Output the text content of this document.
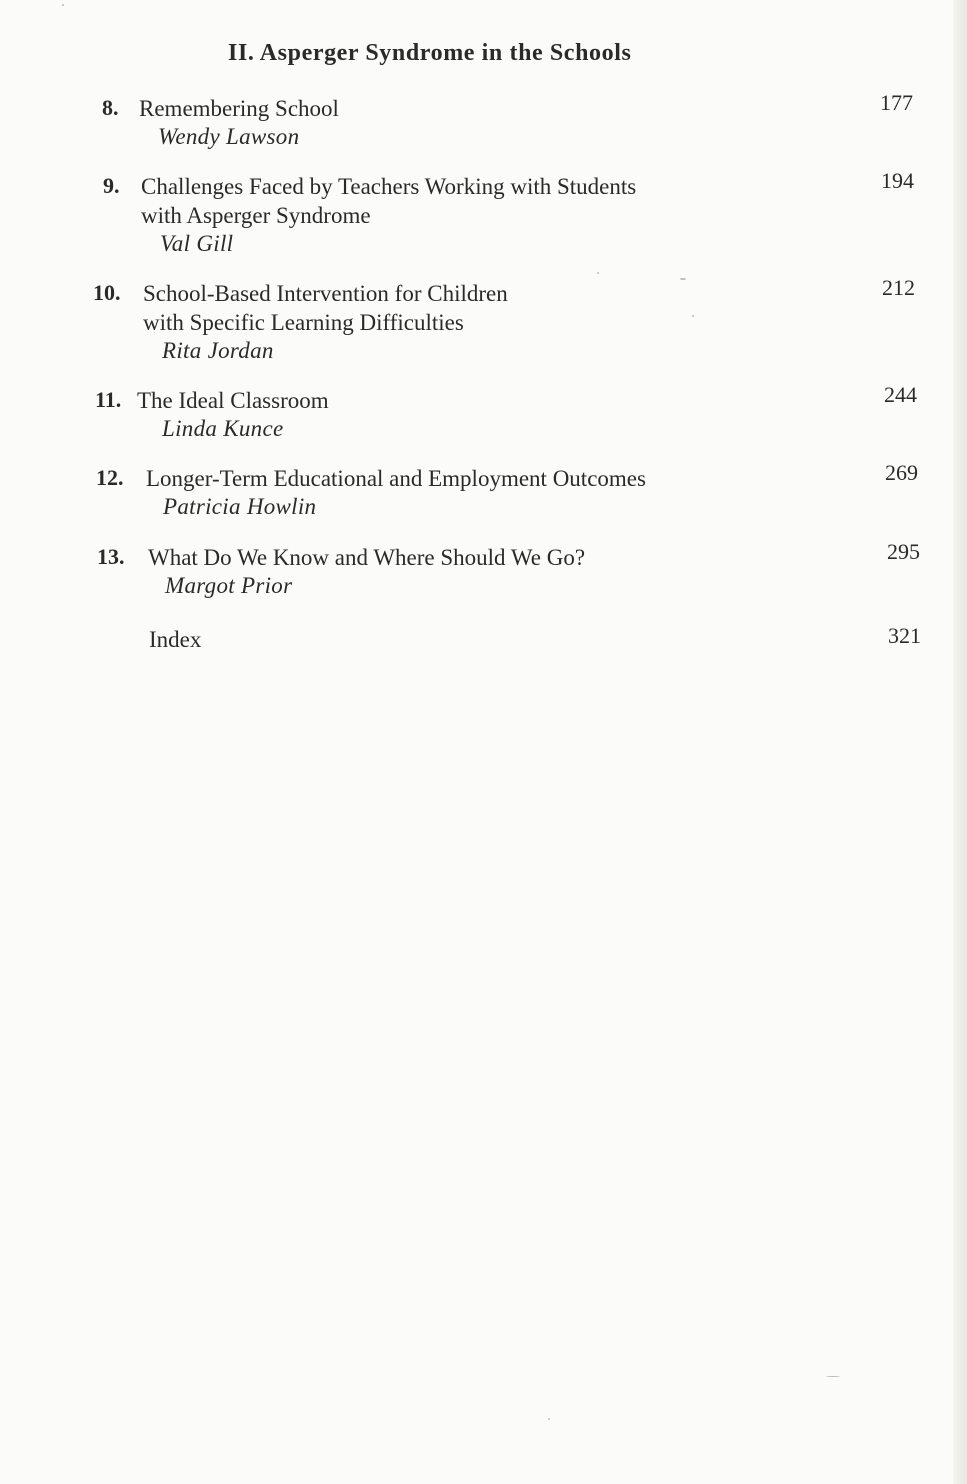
II. Asperger Syndrome in the Schools
8. Remembering School
Wendy Lawson
177
9. Challenges Faced by Teachers Working with Students
with Asperger Syndrome
Val Gill
194
10. School-Based Intervention for Children
with Specific Learning Difficulties
Rita Jordan
212
11. The Ideal Classroom
Linda Kunce
244
12. Longer-Term Educational and Employment Outcomes
Patricia Howlin
269
13. What Do We Know and Where Should We Go?
Margot Prior
295
Index	321
